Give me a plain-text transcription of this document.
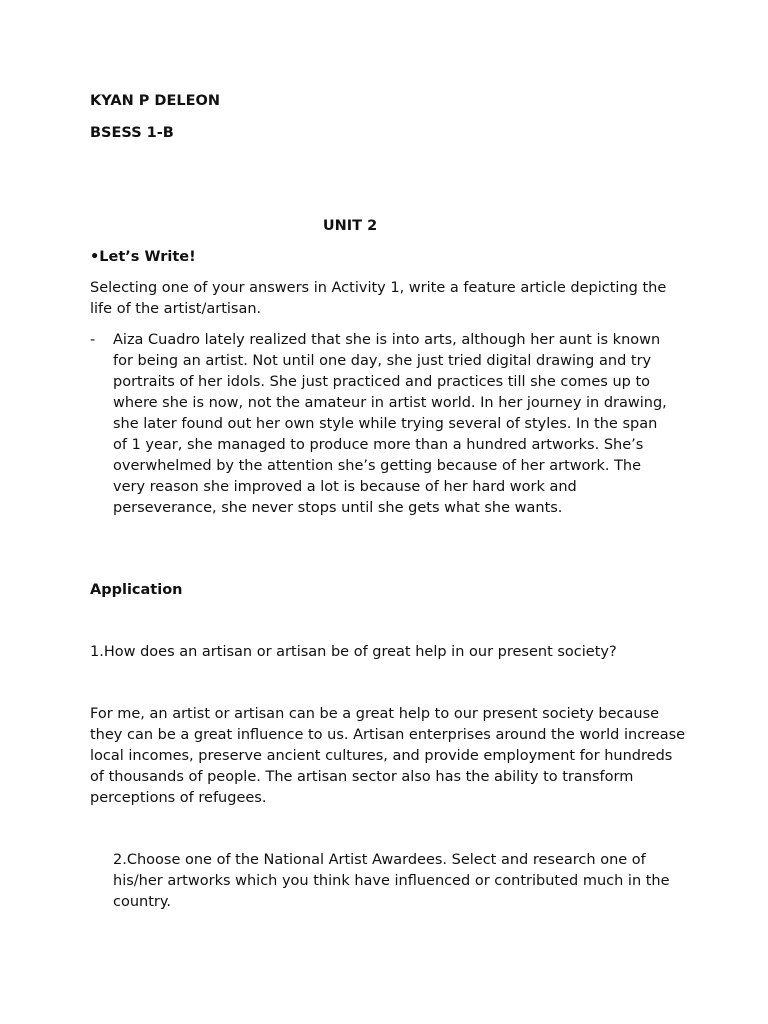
KYAN P DELEON

BSESS 1-B

UNIT 2

•Let’s Write!

Selecting one of your answers in Activity 1, write a feature article depicting the life of the artist/artisan.

- Aiza Cuadro lately realized that she is into arts, although her aunt is known for being an artist. Not until one day, she just tried digital drawing and try portraits of her idols. She just practiced and practices till she comes up to where she is now, not the amateur in artist world. In her journey in drawing, she later found out her own style while trying several of styles. In the span of 1 year, she managed to produce more than a hundred artworks. She’s overwhelmed by the attention she’s getting because of her artwork. The very reason she improved a lot is because of her hard work and perseverance, she never stops until she gets what she wants.

Application

1.How does an artisan or artisan be of great help in our present society?

For me, an artist or artisan can be a great help to our present society because they can be a great influence to us. Artisan enterprises around the world increase local incomes, preserve ancient cultures, and provide employment for hundreds of thousands of people. The artisan sector also has the ability to transform perceptions of refugees.

2.Choose one of the National Artist Awardees. Select and research one of his/her artworks which you think have influenced or contributed much in the country.
